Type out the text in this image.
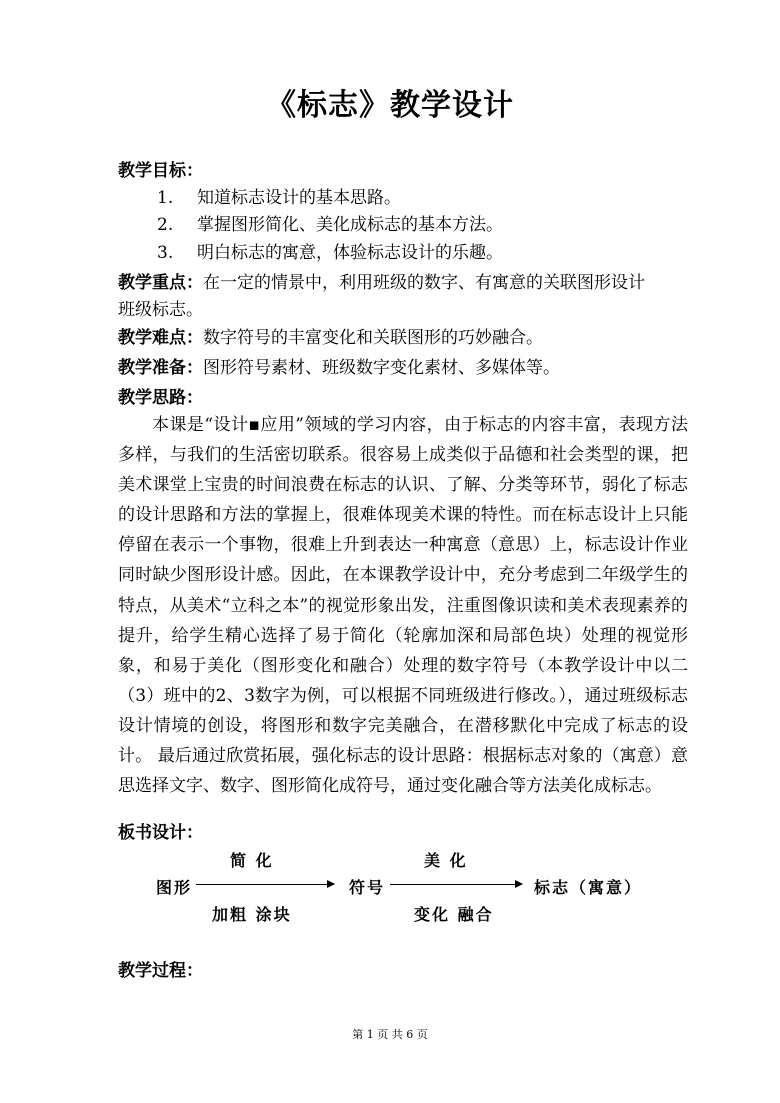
《标志》教学设计
教学目标：
1. 知道标志设计的基本思路。
2. 掌握图形简化、美化成标志的基本方法。
3. 明白标志的寓意，体验标志设计的乐趣。
教学重点：在一定的情景中，利用班级的数字、有寓意的关联图形设计
班级标志。
教学难点：数字符号的丰富变化和关联图形的巧妙融合。
教学准备：图形符号素材、班级数字变化素材、多媒体等。
教学思路：
本课是“设计▪应用”领域的学习内容，由于标志的内容丰富，表现方法多样，与我们的生活密切联系。很容易上成类似于品德和社会类型的课，把美术课堂上宝贵的时间浪费在标志的认识、了解、分类等环节，弱化了标志的设计思路和方法的掌握上，很难体现美术课的特性。而在标志设计上只能停留在表示一个事物，很难上升到表达一种寓意（意思）上，标志设计作业同时缺少图形设计感。因此，在本课教学设计中，充分考虑到二年级学生的特点，从美术“立科之本”的视觉形象出发，注重图像识读和美术表现素养的提升，给学生精心选择了易于简化（轮廓加深和局部色块）处理的视觉形象，和易于美化（图形变化和融合）处理的数字符号（本教学设计中以二（3）班中的2、3数字为例，可以根据不同班级进行修改。），通过班级标志设计情境的创设，将图形和数字完美融合，在潜移默化中完成了标志的设计。 最后通过欣赏拓展，强化标志的设计思路：根据标志对象的（寓意）意思选择文字、数字、图形简化成符号，通过变化融合等方法美化成标志。
板书设计：
简 化
图形
加粗 涂块
美 化
符号
变化 融合
标志（寓意）
教学过程：
第 1 页 共 6 页
